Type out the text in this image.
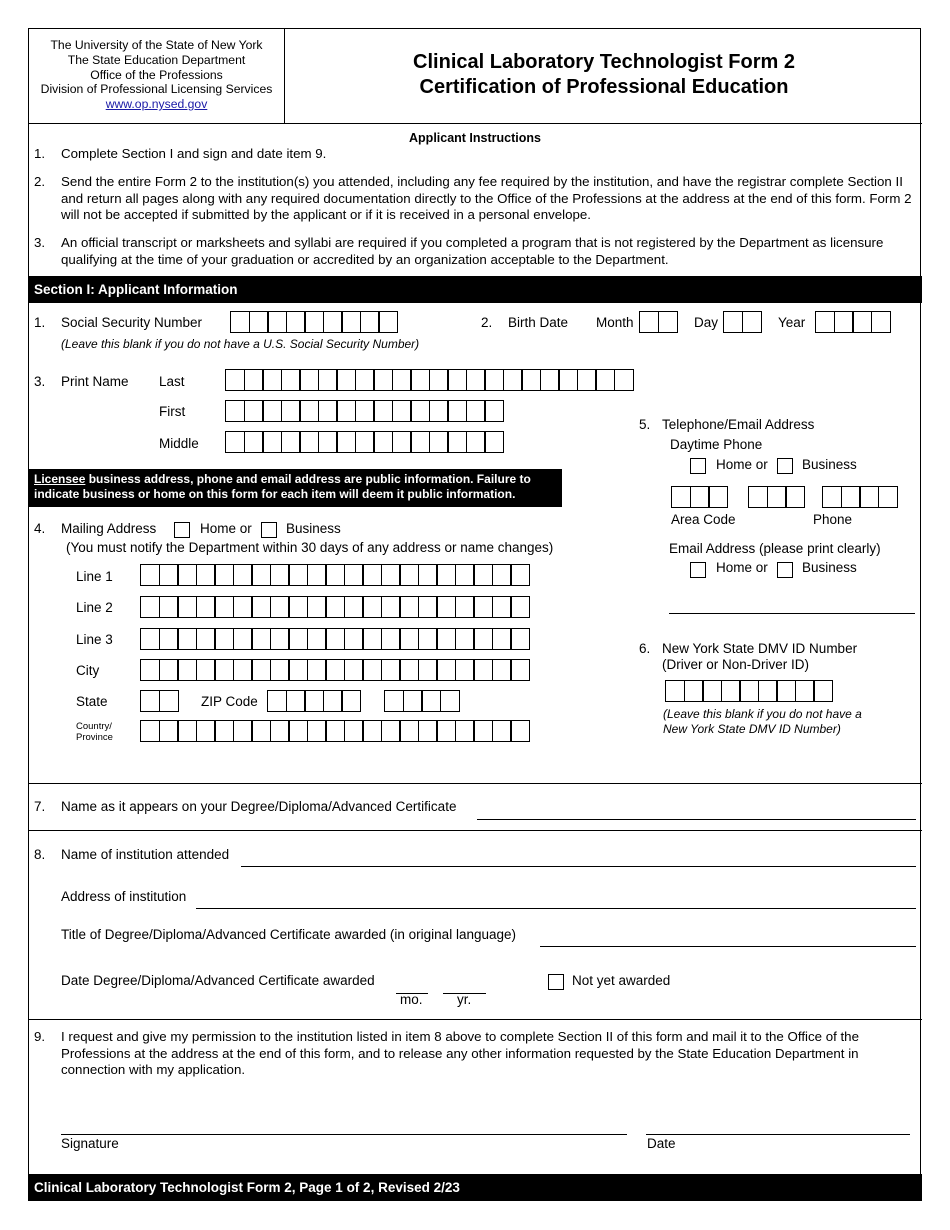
The University of the State of New York
The State Education Department
Office of the Professions
Division of Professional Licensing Services
www.op.nysed.gov
Clinical Laboratory Technologist Form 2
Certification of Professional Education
Applicant Instructions
1. Complete Section I and sign and date item 9.
2. Send the entire Form 2 to the institution(s) you attended, including any fee required by the institution, and have the registrar complete Section II and return all pages along with any required documentation directly to the Office of the Professions at the address at the end of this form. Form 2 will not be accepted if submitted by the applicant or if it is received in a personal envelope.
3. An official transcript or marksheets and syllabi are required if you completed a program that is not registered by the Department as licensure qualifying at the time of your graduation or accredited by an organization acceptable to the Department.
Section I: Applicant Information
1. Social Security Number
(Leave this blank if you do not have a U.S. Social Security Number)
2. Birth Date Month	Day	Year
3. Print Name Last
First
Middle
Licensee business address, phone and email address are public information. Failure to indicate business or home on this form for each item will deem it public information.
4. Mailing Address	Home or	Business
(You must notify the Department within 30 days of any address or name changes)
Line 1
Line 2
Line 3
City
State	ZIP Code
Country/
Province
5. Telephone/Email Address
Daytime Phone
Home or	Business
Area Code	Phone
Email Address (please print clearly)
Home or	Business
6. New York State DMV ID Number
(Driver or Non-Driver ID)
(Leave this blank if you do not have a
New York State DMV ID Number)
7. Name as it appears on your Degree/Diploma/Advanced Certificate
8. Name of institution attended
Address of institution
Title of Degree/Diploma/Advanced Certificate awarded (in original language)
Date Degree/Diploma/Advanced Certificate awarded
mo.	yr.
Not yet awarded
9. I request and give my permission to the institution listed in item 8 above to complete Section II of this form and mail it to the Office of the Professions at the address at the end of this form, and to release any other information requested by the State Education Department in connection with my application.
Signature	Date
Clinical Laboratory Technologist Form 2, Page 1 of 2, Revised 2/23
